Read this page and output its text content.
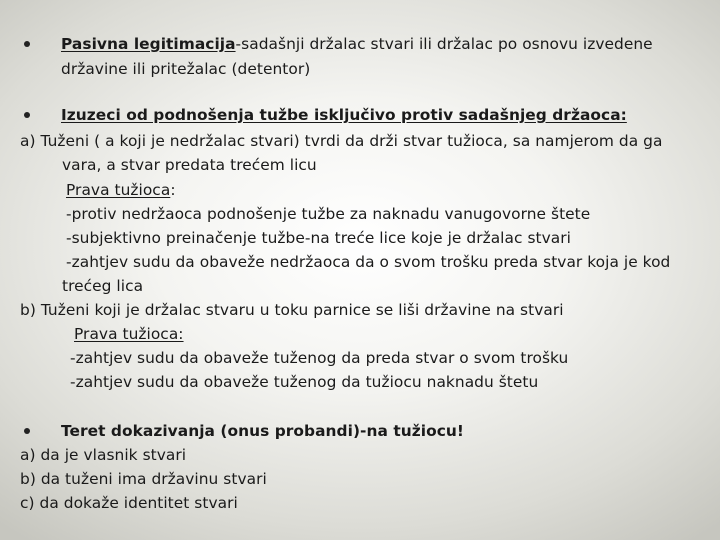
Pasivna legitimacija-sadašnji držalac stvari ili držalac po osnovu izvedene
državine ili pritežalac (detentor)
Izuzeci od podnošenja tužbe isključivo protiv sadašnjeg držaoca:
a) Tuženi ( a koji je nedržalac stvari) tvrdi da drži stvar tužioca, sa namjerom da ga
vara, a stvar predata trećem licu
Prava tužioca:
-protiv nedržaoca podnošenje tužbe za naknadu vanugovorne štete
-subjektivno preinačenje tužbe-na treće lice koje je držalac stvari
-zahtjev sudu da obaveže nedržaoca da o svom trošku preda stvar koja je kod
trećeg lica
b) Tuženi koji je držalac stvaru u toku parnice se liši državine na stvari
Prava tužioca:
-zahtjev sudu da obaveže tuženog da preda stvar o svom trošku
-zahtjev sudu da obaveže tuženog da tužiocu naknadu štetu
Teret dokazivanja (onus probandi)-na tužiocu!
a) da je vlasnik stvari
b) da tuženi ima državinu stvari
c) da dokaže identitet stvari
